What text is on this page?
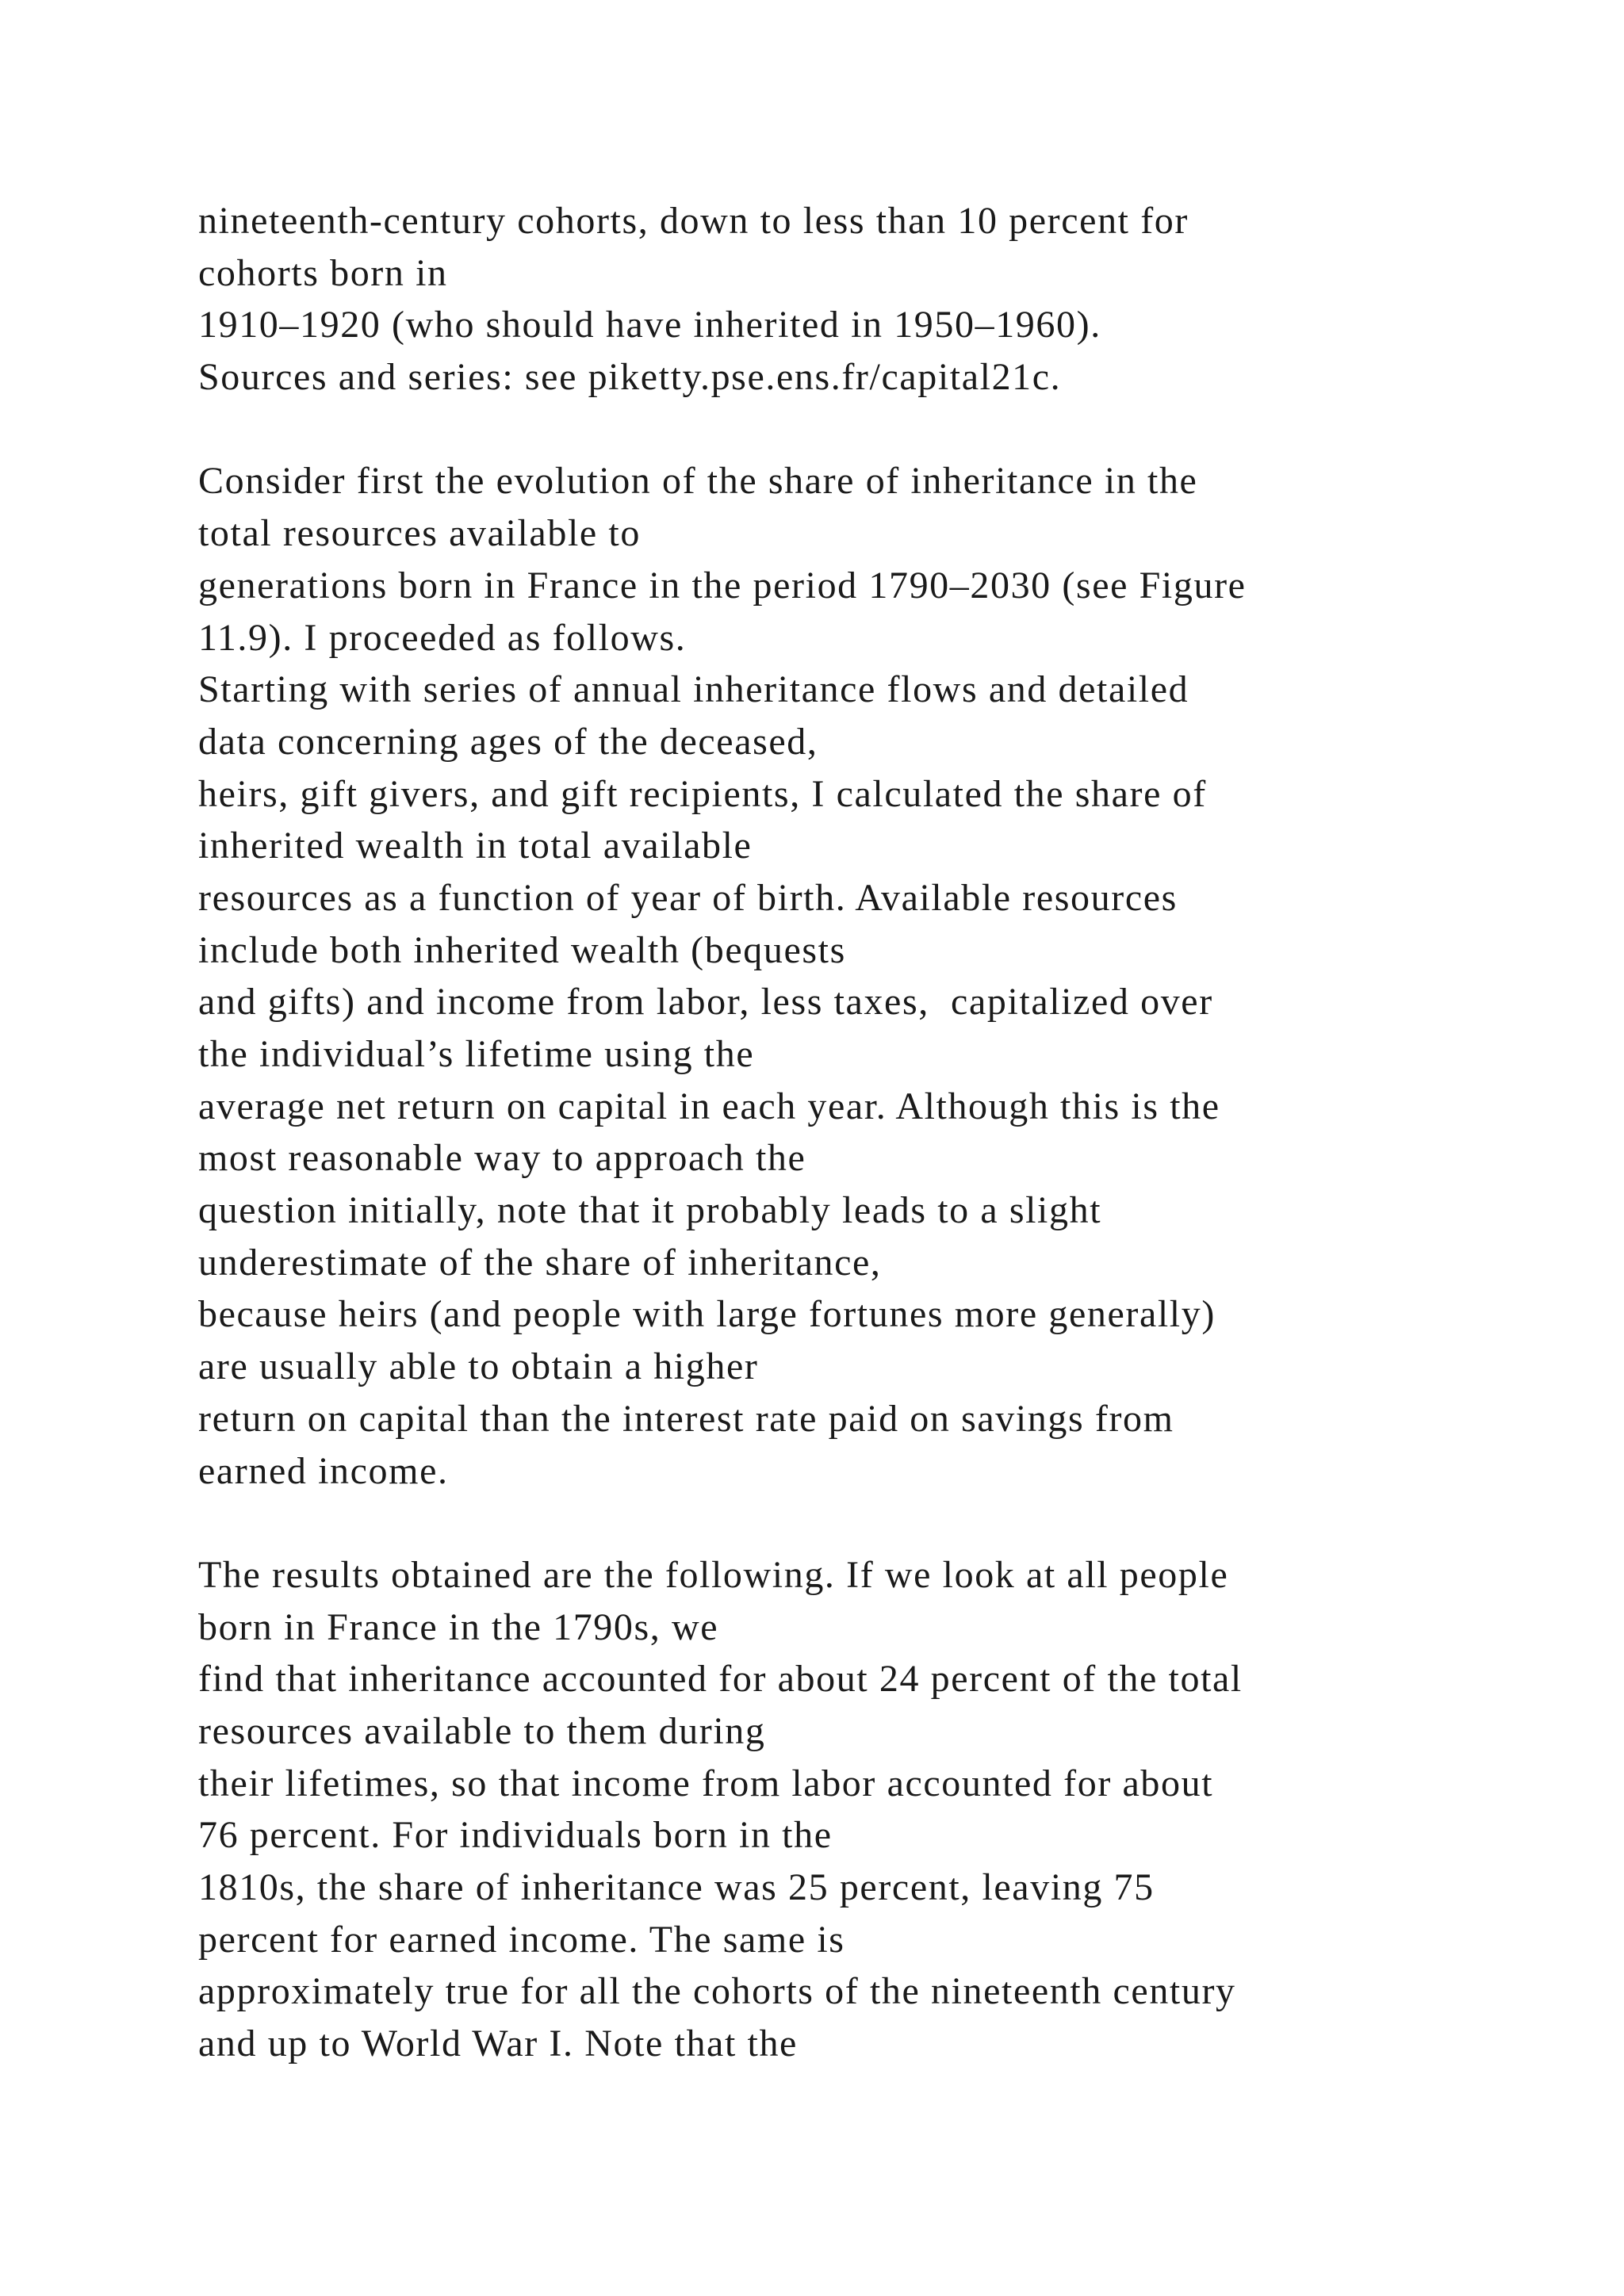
nineteenth-century cohorts, down to less than 10 percent for
cohorts born in
1910–1920 (who should have inherited in 1950–1960).
Sources and series: see piketty.pse.ens.fr/capital21c.
Consider first the evolution of the share of inheritance in the
total resources available to
generations born in France in the period 1790–2030 (see Figure
11.9). I proceeded as follows.
Starting with series of annual inheritance flows and detailed
data concerning ages of the deceased,
heirs, gift givers, and gift recipients, I calculated the share of
inherited wealth in total available
resources as a function of year of birth. Available resources
include both inherited wealth (bequests
and gifts) and income from labor, less taxes,  capitalized over
the individual’s lifetime using the
average net return on capital in each year. Although this is the
most reasonable way to approach the
question initially, note that it probably leads to a slight
underestimate of the share of inheritance,
because heirs (and people with large fortunes more generally)
are usually able to obtain a higher
return on capital than the interest rate paid on savings from
earned income.
The results obtained are the following. If we look at all people
born in France in the 1790s, we
find that inheritance accounted for about 24 percent of the total
resources available to them during
their lifetimes, so that income from labor accounted for about
76 percent. For individuals born in the
1810s, the share of inheritance was 25 percent, leaving 75
percent for earned income. The same is
approximately true for all the cohorts of the nineteenth century
and up to World War I. Note that the
